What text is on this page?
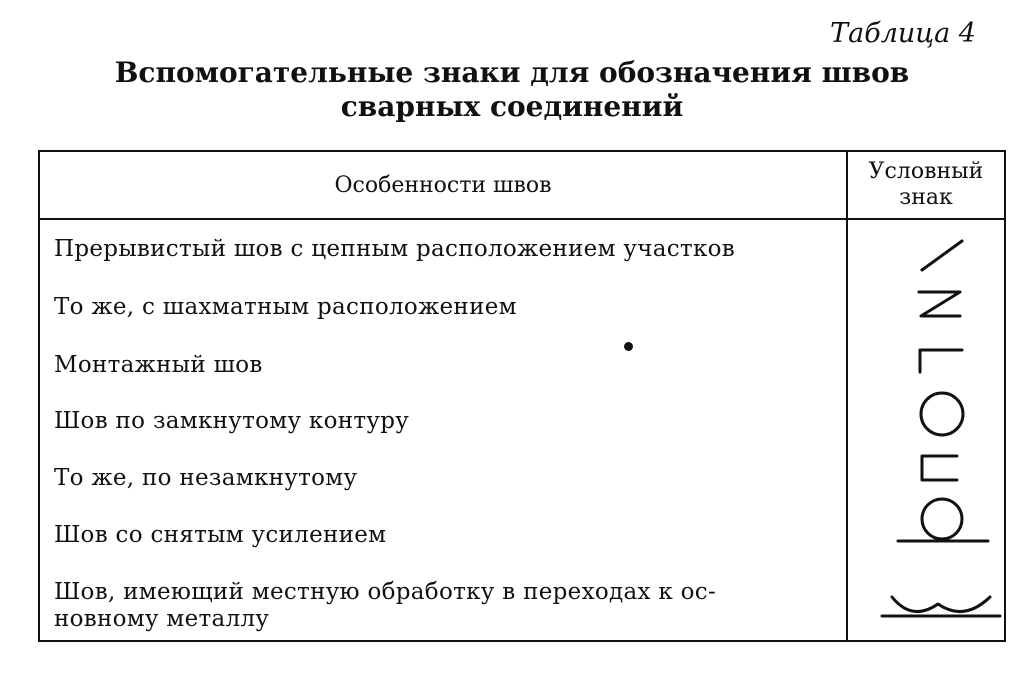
Таблица 4
Вспомогательные знаки для обозначения швов
сварных соединений
Особенности швов
Условный
знак
Прерывистый шов с цепным расположением участков
То же, с шахматным расположением
Монтажный шов
Шов по замкнутому контуру
То же, по незамкнутому
Шов со снятым усилением
Шов, имеющий местную обработку в переходах к ос-
новному металлу
